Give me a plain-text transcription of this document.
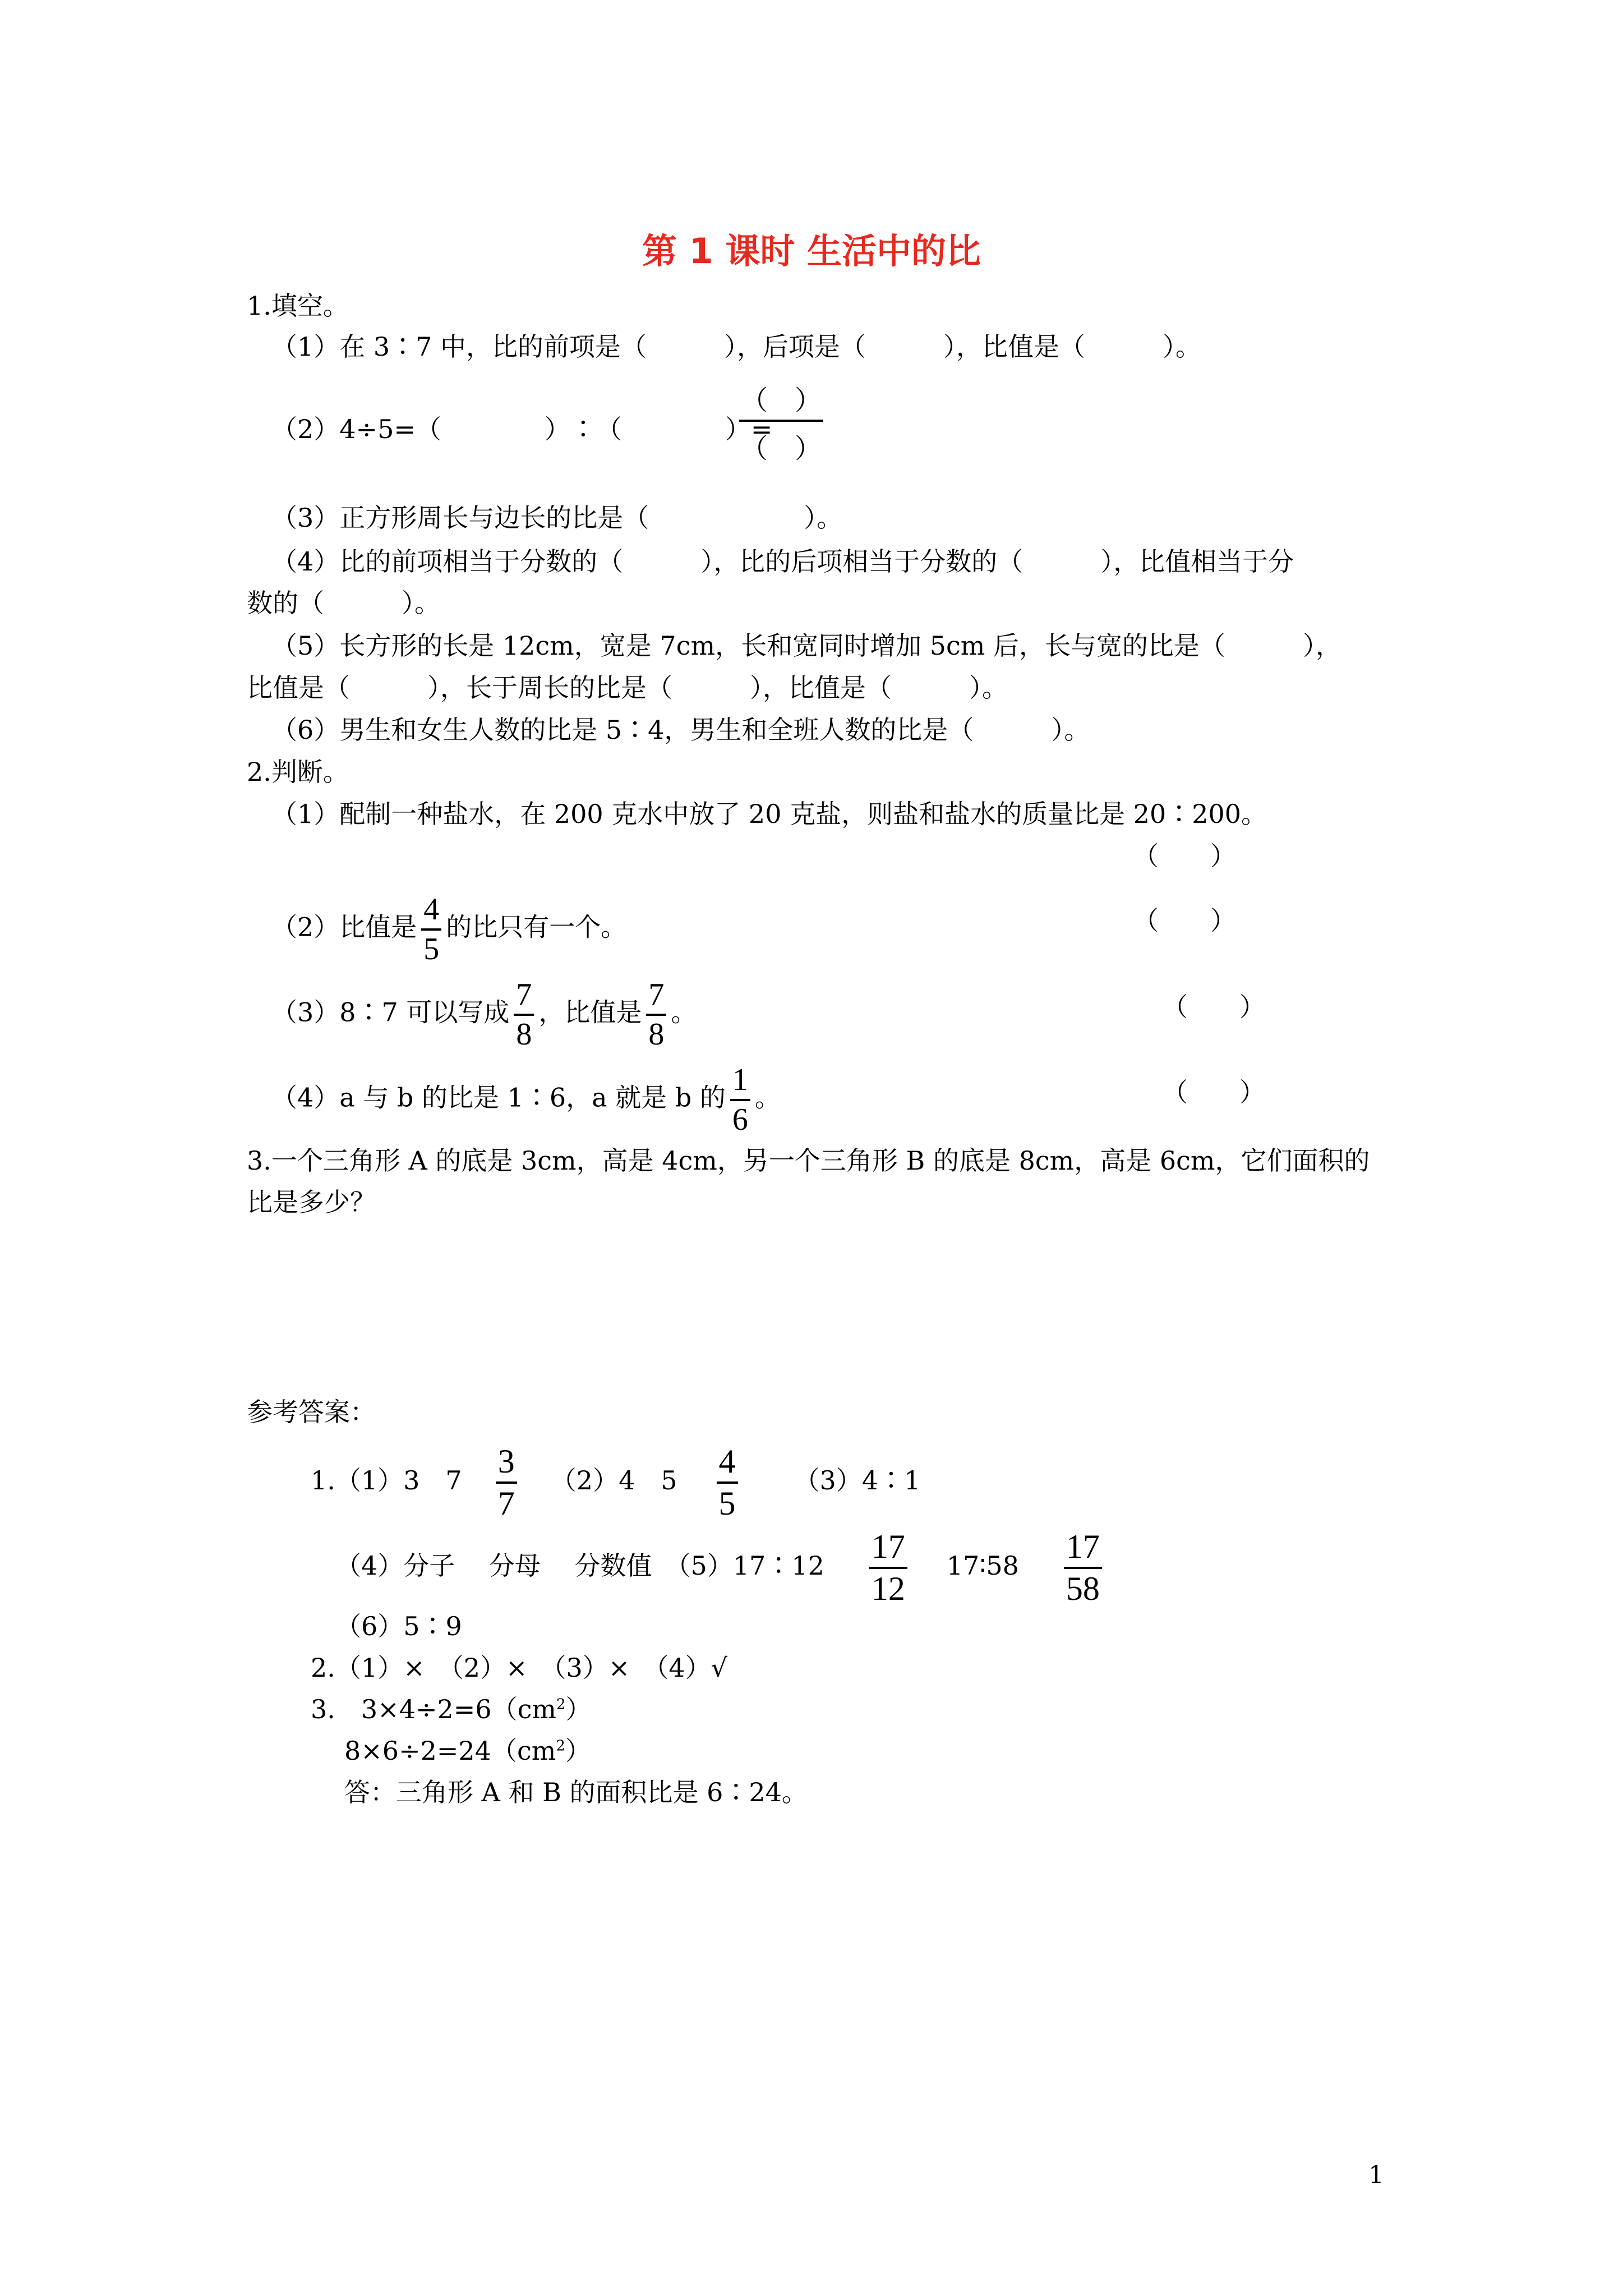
第 1 课时 生活中的比
1.填空。
（1）在 3∶7 中，比的前项是（　　　），后项是（　　　），比值是（　　　）。
（2）4÷5=（　　　　）∶（　　　　）=
（　）
（　）
（3）正方形周长与边长的比是（　　　　　　）。
（4）比的前项相当于分数的（　　　），比的后项相当于分数的（　　　），比值相当于分
数的（　　　）。
（5）长方形的长是 12cm，宽是 7cm，长和宽同时增加 5cm 后，长与宽的比是（　　　），
比值是（　　　），长于周长的比是（　　　），比值是（　　　）。
（6）男生和女生人数的比是 5∶4，男生和全班人数的比是（　　　）。
2.判断。
（1）配制一种盐水，在 200 克水中放了 20 克盐，则盐和盐水的质量比是 20∶200。
（　　）
（2）比值是 $\frac{4}{5}$ 的比只有一个。	（　　）
（3）8∶7 可以写成 $\frac{7}{8}$ ，比值是 $\frac{7}{8}$ 。	（　　）
（4）a 与 b 的比是 1∶6，a 就是 b 的 $\frac{1}{6}$ 。	（　　）
3.一个三角形 A 的底是 3cm，高是 4cm，另一个三角形 B 的底是 8cm，高是 6cm，它们面积的
比是多少？
参考答案：
1.（1）3　$7 \frac{3}{7} (2)4$　$5 \frac{4}{5}$ （3）4∶1
（4）分子　 分母　 分数值　（5）17∶12 $\frac{17}{12}$ 17∶58 $\frac{17}{58}$
（6）5∶9
2.（1）×　（2）×　（3）×　（4）√
3.　$3\times 4\div 2=6(cm^2)$
$8\times 6\div 2=24(cm^2)$
答：三角形 A 和 B 的面积比是 6∶24。
1
